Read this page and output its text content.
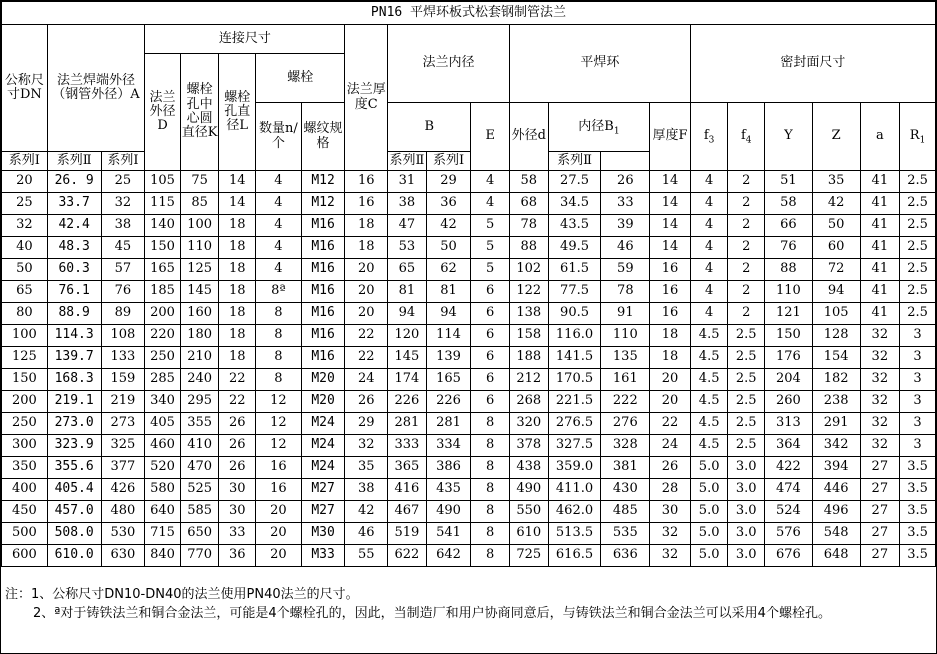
PN16 平焊环板式松套钢制管法兰																					
公称尺寸DN	法兰焊端外径（钢管外径）A		连接尺寸					法兰厚度C	法兰内径			平焊环				密封面尺寸					
			法兰外径D	螺栓孔中心圆直径K	螺栓孔直径L	螺栓															
						数量n/个	螺纹规格		B		E	外径d	内径$B_1$		厚度F	$f_3$	$f_4$	Y	Z	a	$R_1$
系列Ⅰ	系列Ⅱ	系列Ⅰ							系列Ⅱ	系列Ⅰ			系列Ⅱ								
20	26. 9	25	105	75	14	4	M12	16	31	29	4	58	27.5	26	14	4	2	51	35	41	2.5
25	33.7	32	115	85	14	4	M12	16	38	36	4	68	34.5	33	14	4	2	58	42	41	2.5
32	42.4	38	140	100	18	4	M16	18	47	42	5	78	43.5	39	14	4	2	66	50	41	2.5
40	48.3	45	150	110	18	4	M16	18	53	50	5	88	49.5	46	14	4	2	76	60	41	2.5
50	60.3	57	165	125	18	4	M16	20	65	62	5	102	61.5	59	16	4	2	88	72	41	2.5
65	76.1	76	185	145	18	8ª	M16	20	81	81	6	122	77.5	78	16	4	2	110	94	41	2.5
80	88.9	89	200	160	18	8	M16	20	94	94	6	138	90.5	91	16	4	2	121	105	41	2.5
100	114.3	108	220	180	18	8	M16	22	120	114	6	158	116.0	110	18	4.5	2.5	150	128	32	3
125	139.7	133	250	210	18	8	M16	22	145	139	6	188	141.5	135	18	4.5	2.5	176	154	32	3
150	168.3	159	285	240	22	8	M20	24	174	165	6	212	170.5	161	20	4.5	2.5	204	182	32	3
200	219.1	219	340	295	22	12	M20	26	226	226	6	268	221.5	222	20	4.5	2.5	260	238	32	3
250	273.0	273	405	355	26	12	M24	29	281	281	8	320	276.5	276	22	4.5	2.5	313	291	32	3
300	323.9	325	460	410	26	12	M24	32	333	334	8	378	327.5	328	24	4.5	2.5	364	342	32	3
350	355.6	377	520	470	26	16	M24	35	365	386	8	438	359.0	381	26	5.0	3.0	422	394	27	3.5
400	405.4	426	580	525	30	16	M27	38	416	435	8	490	411.0	430	28	5.0	3.0	474	446	27	3.5
450	457.0	480	640	585	30	20	M27	42	467	490	8	550	462.0	485	30	5.0	3.0	524	496	27	3.5
500	508.0	530	715	650	33	20	M30	46	519	541	8	610	513.5	535	32	5.0	3.0	576	548	27	3.5
600	610.0	630	840	770	36	20	M33	55	622	642	8	725	616.5	636	32	5.0	3.0	676	648	27	3.5

注：1、公称尺寸DN10-DN40的法兰使用PN40法兰的尺寸。

2、ª对于铸铁法兰和铜合金法兰，可能是4个螺栓孔的，因此，当制造厂和用户协商同意后，与铸铁法兰和铜合金法兰可以采用4个螺栓孔。
